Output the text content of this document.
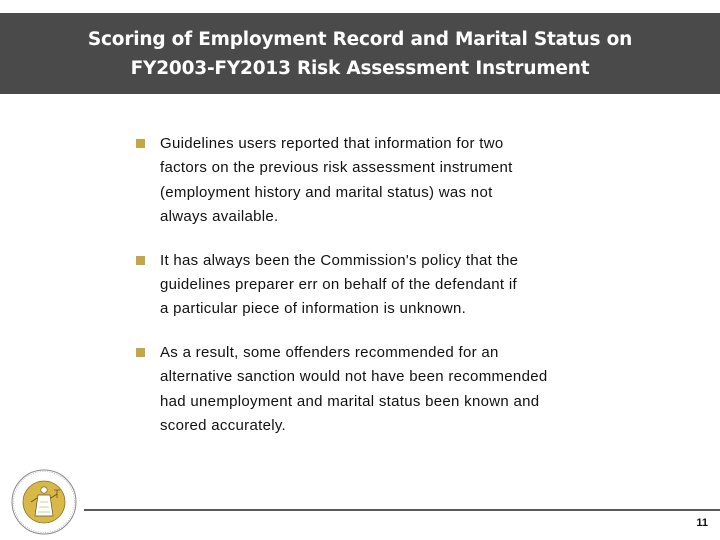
Scoring of Employment Record and Marital Status on
FY2003-FY2013 Risk Assessment Instrument
Guidelines users reported that information for two
factors on the previous risk assessment instrument
(employment history and marital status) was not
always available.
It has always been the Commission's policy that the
guidelines preparer err on behalf of the defendant if
a particular piece of information is unknown.
As a result, some offenders recommended for an
alternative sanction would not have been recommended
had unemployment and marital status been known and
scored accurately.
11
